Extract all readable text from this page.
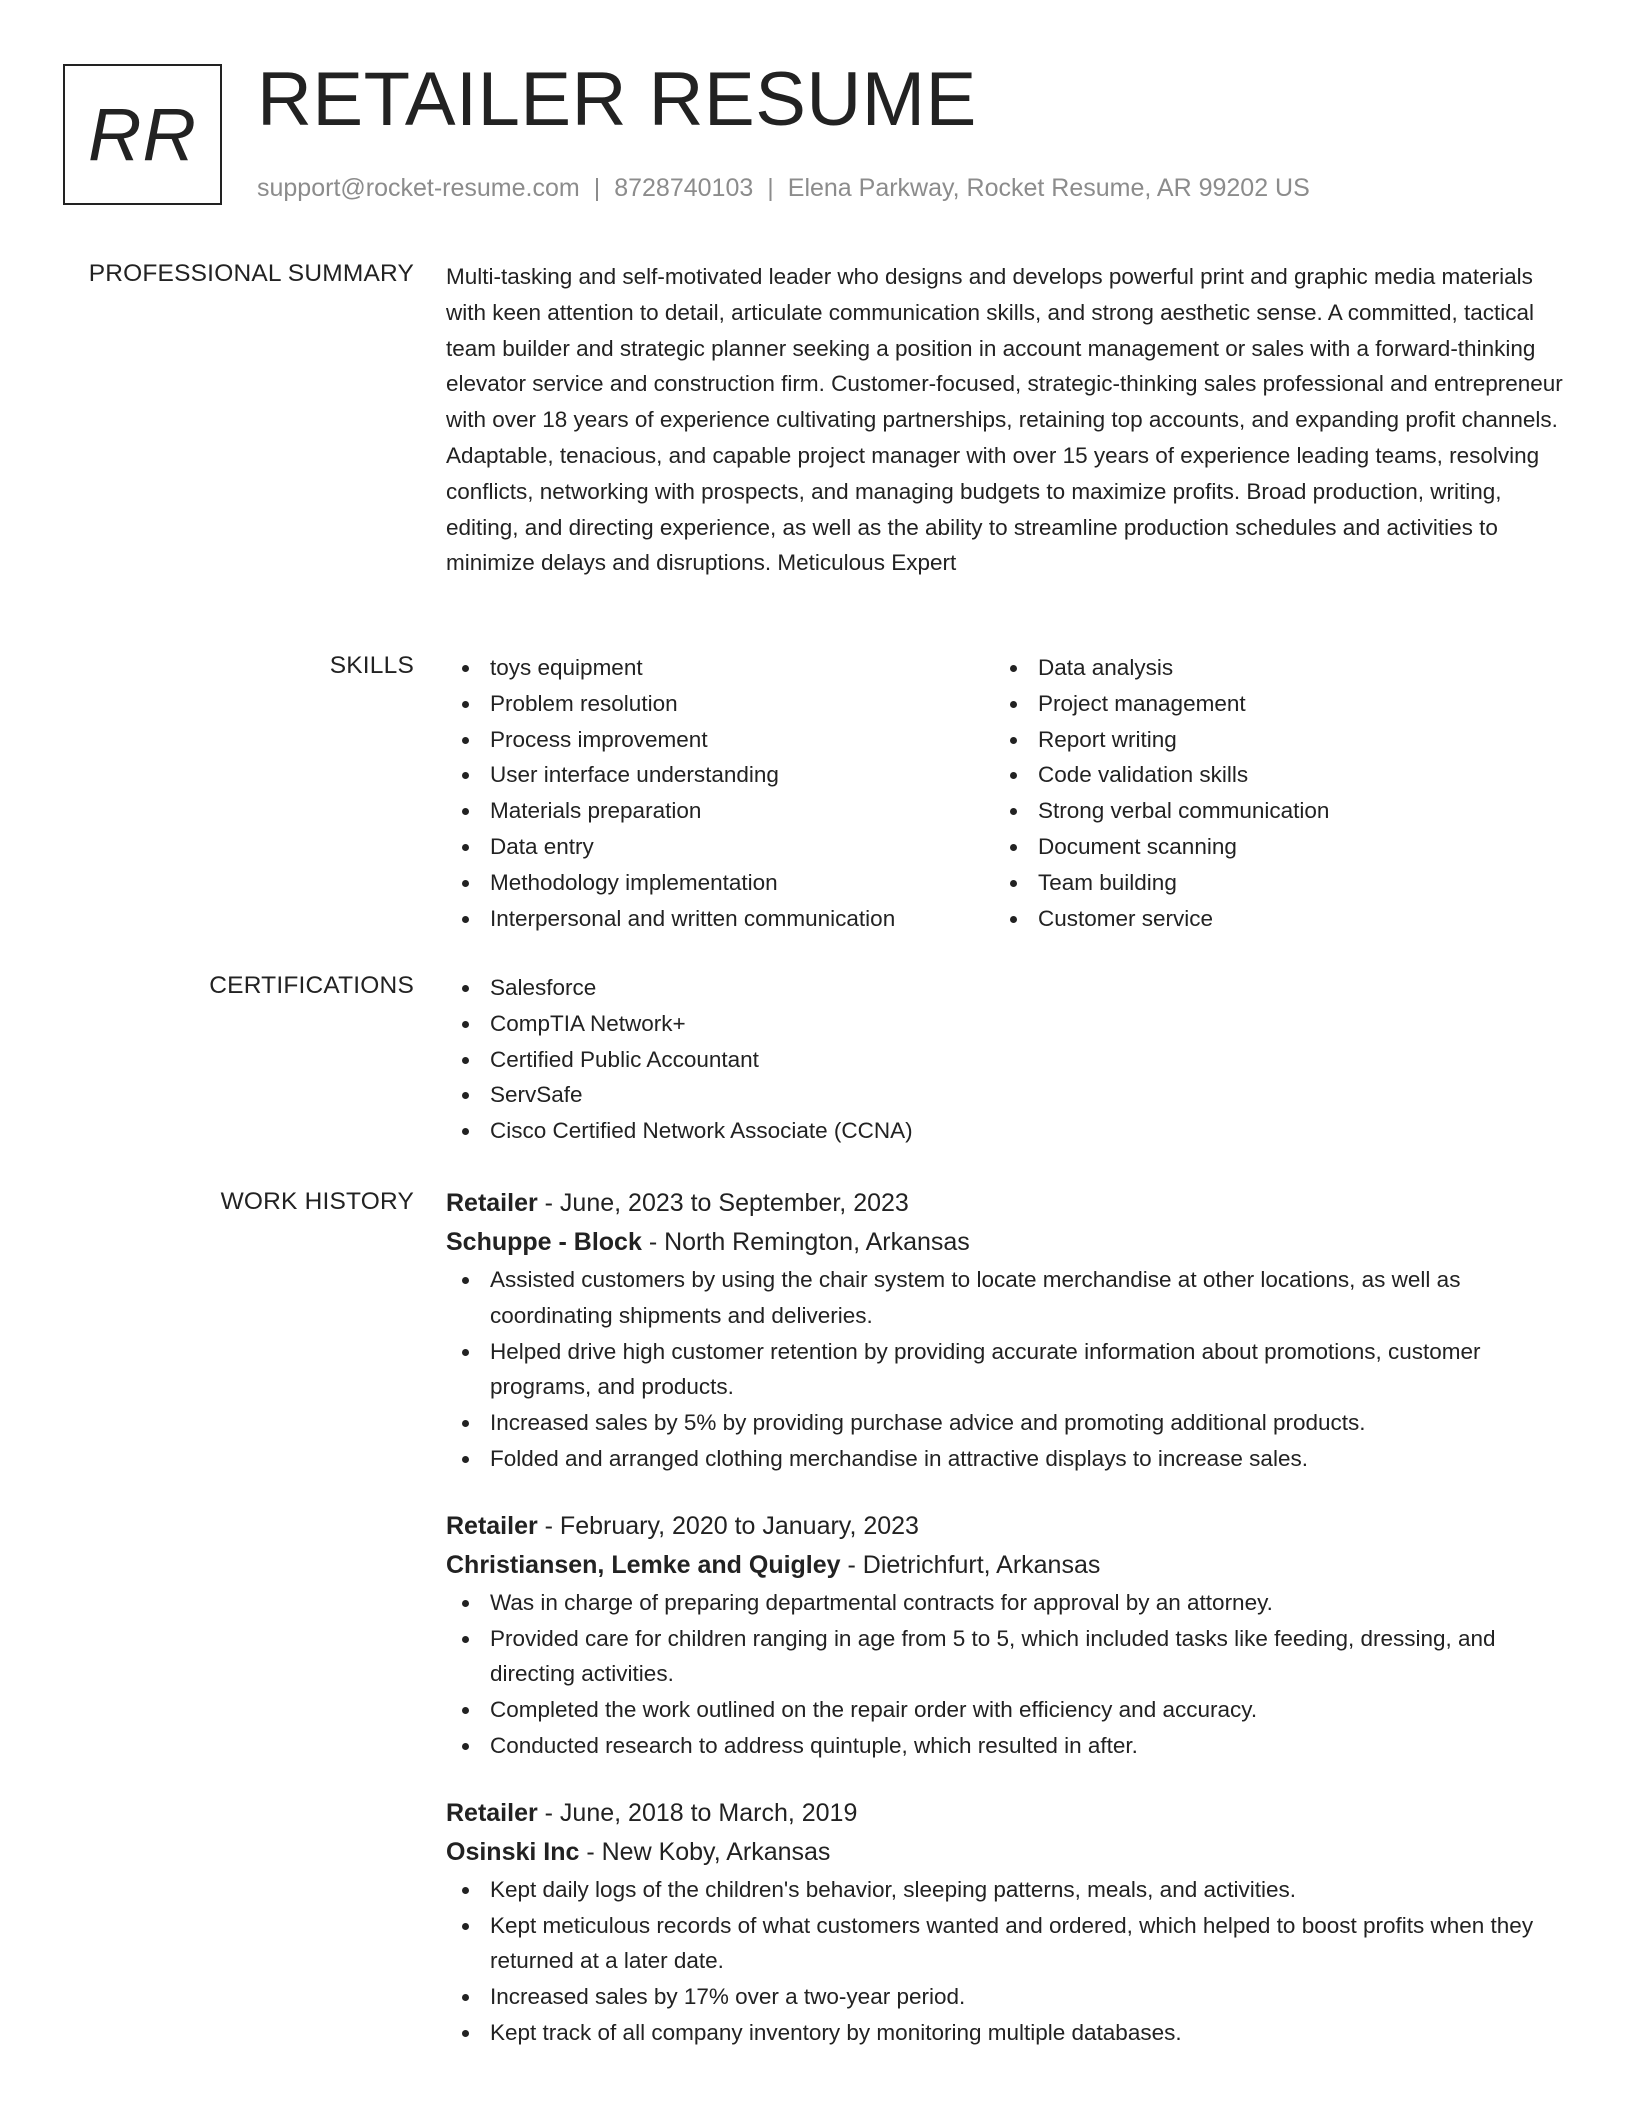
RR RETAILER RESUME
support@rocket-resume.com | 8728740103 | Elena Parkway, Rocket Resume, AR 99202 US
PROFESSIONAL SUMMARY Multi-tasking and self-motivated leader who designs and develops powerful print and graphic media materials with keen attention to detail, articulate communication skills, and strong aesthetic sense. A committed, tactical team builder and strategic planner seeking a position in account management or sales with a forward-thinking elevator service and construction firm. Customer-focused, strategic-thinking sales professional and entrepreneur with over 18 years of experience cultivating partnerships, retaining top accounts, and expanding profit channels. Adaptable, tenacious, and capable project manager with over 15 years of experience leading teams, resolving conflicts, networking with prospects, and managing budgets to maximize profits. Broad production, writing, editing, and directing experience, as well as the ability to streamline production schedules and activities to minimize delays and disruptions. Meticulous Expert

SKILLS	toys equipment
Problem resolution
Process improvement
User interface understanding
Materials preparation
Data entry
Methodology implementation
Interpersonal and written communication
Data analysis
Project management
Report writing
Code validation skills
Strong verbal communication
Document scanning
Team building
Customer service
CERTIFICATIONS	Salesforce
CompTIA Network+
Certified Public Accountant
ServSafe
Cisco Certified Network Associate (CCNA)
WORK HISTORY Retailer - June, 2023 to September, 2023
Schuppe - Block - North Remington, Arkansas
Assisted customers by using the chair system to locate merchandise at other locations, as well as coordinating shipments and deliveries.
Helped drive high customer retention by providing accurate information about promotions, customer programs, and products.
Increased sales by 5% by providing purchase advice and promoting additional products.
Folded and arranged clothing merchandise in attractive displays to increase sales.
Retailer - February, 2020 to January, 2023
Christiansen, Lemke and Quigley - Dietrichfurt, Arkansas
Was in charge of preparing departmental contracts for approval by an attorney.
Provided care for children ranging in age from 5 to 5, which included tasks like feeding, dressing, and directing activities.
Completed the work outlined on the repair order with efficiency and accuracy.
Conducted research to address quintuple, which resulted in after.
Retailer - June, 2018 to March, 2019
Osinski Inc - New Koby, Arkansas
Kept daily logs of the children's behavior, sleeping patterns, meals, and activities.
Kept meticulous records of what customers wanted and ordered, which helped to boost profits when they returned at a later date.
Increased sales by 17% over a two-year period.
Kept track of all company inventory by monitoring multiple databases.
